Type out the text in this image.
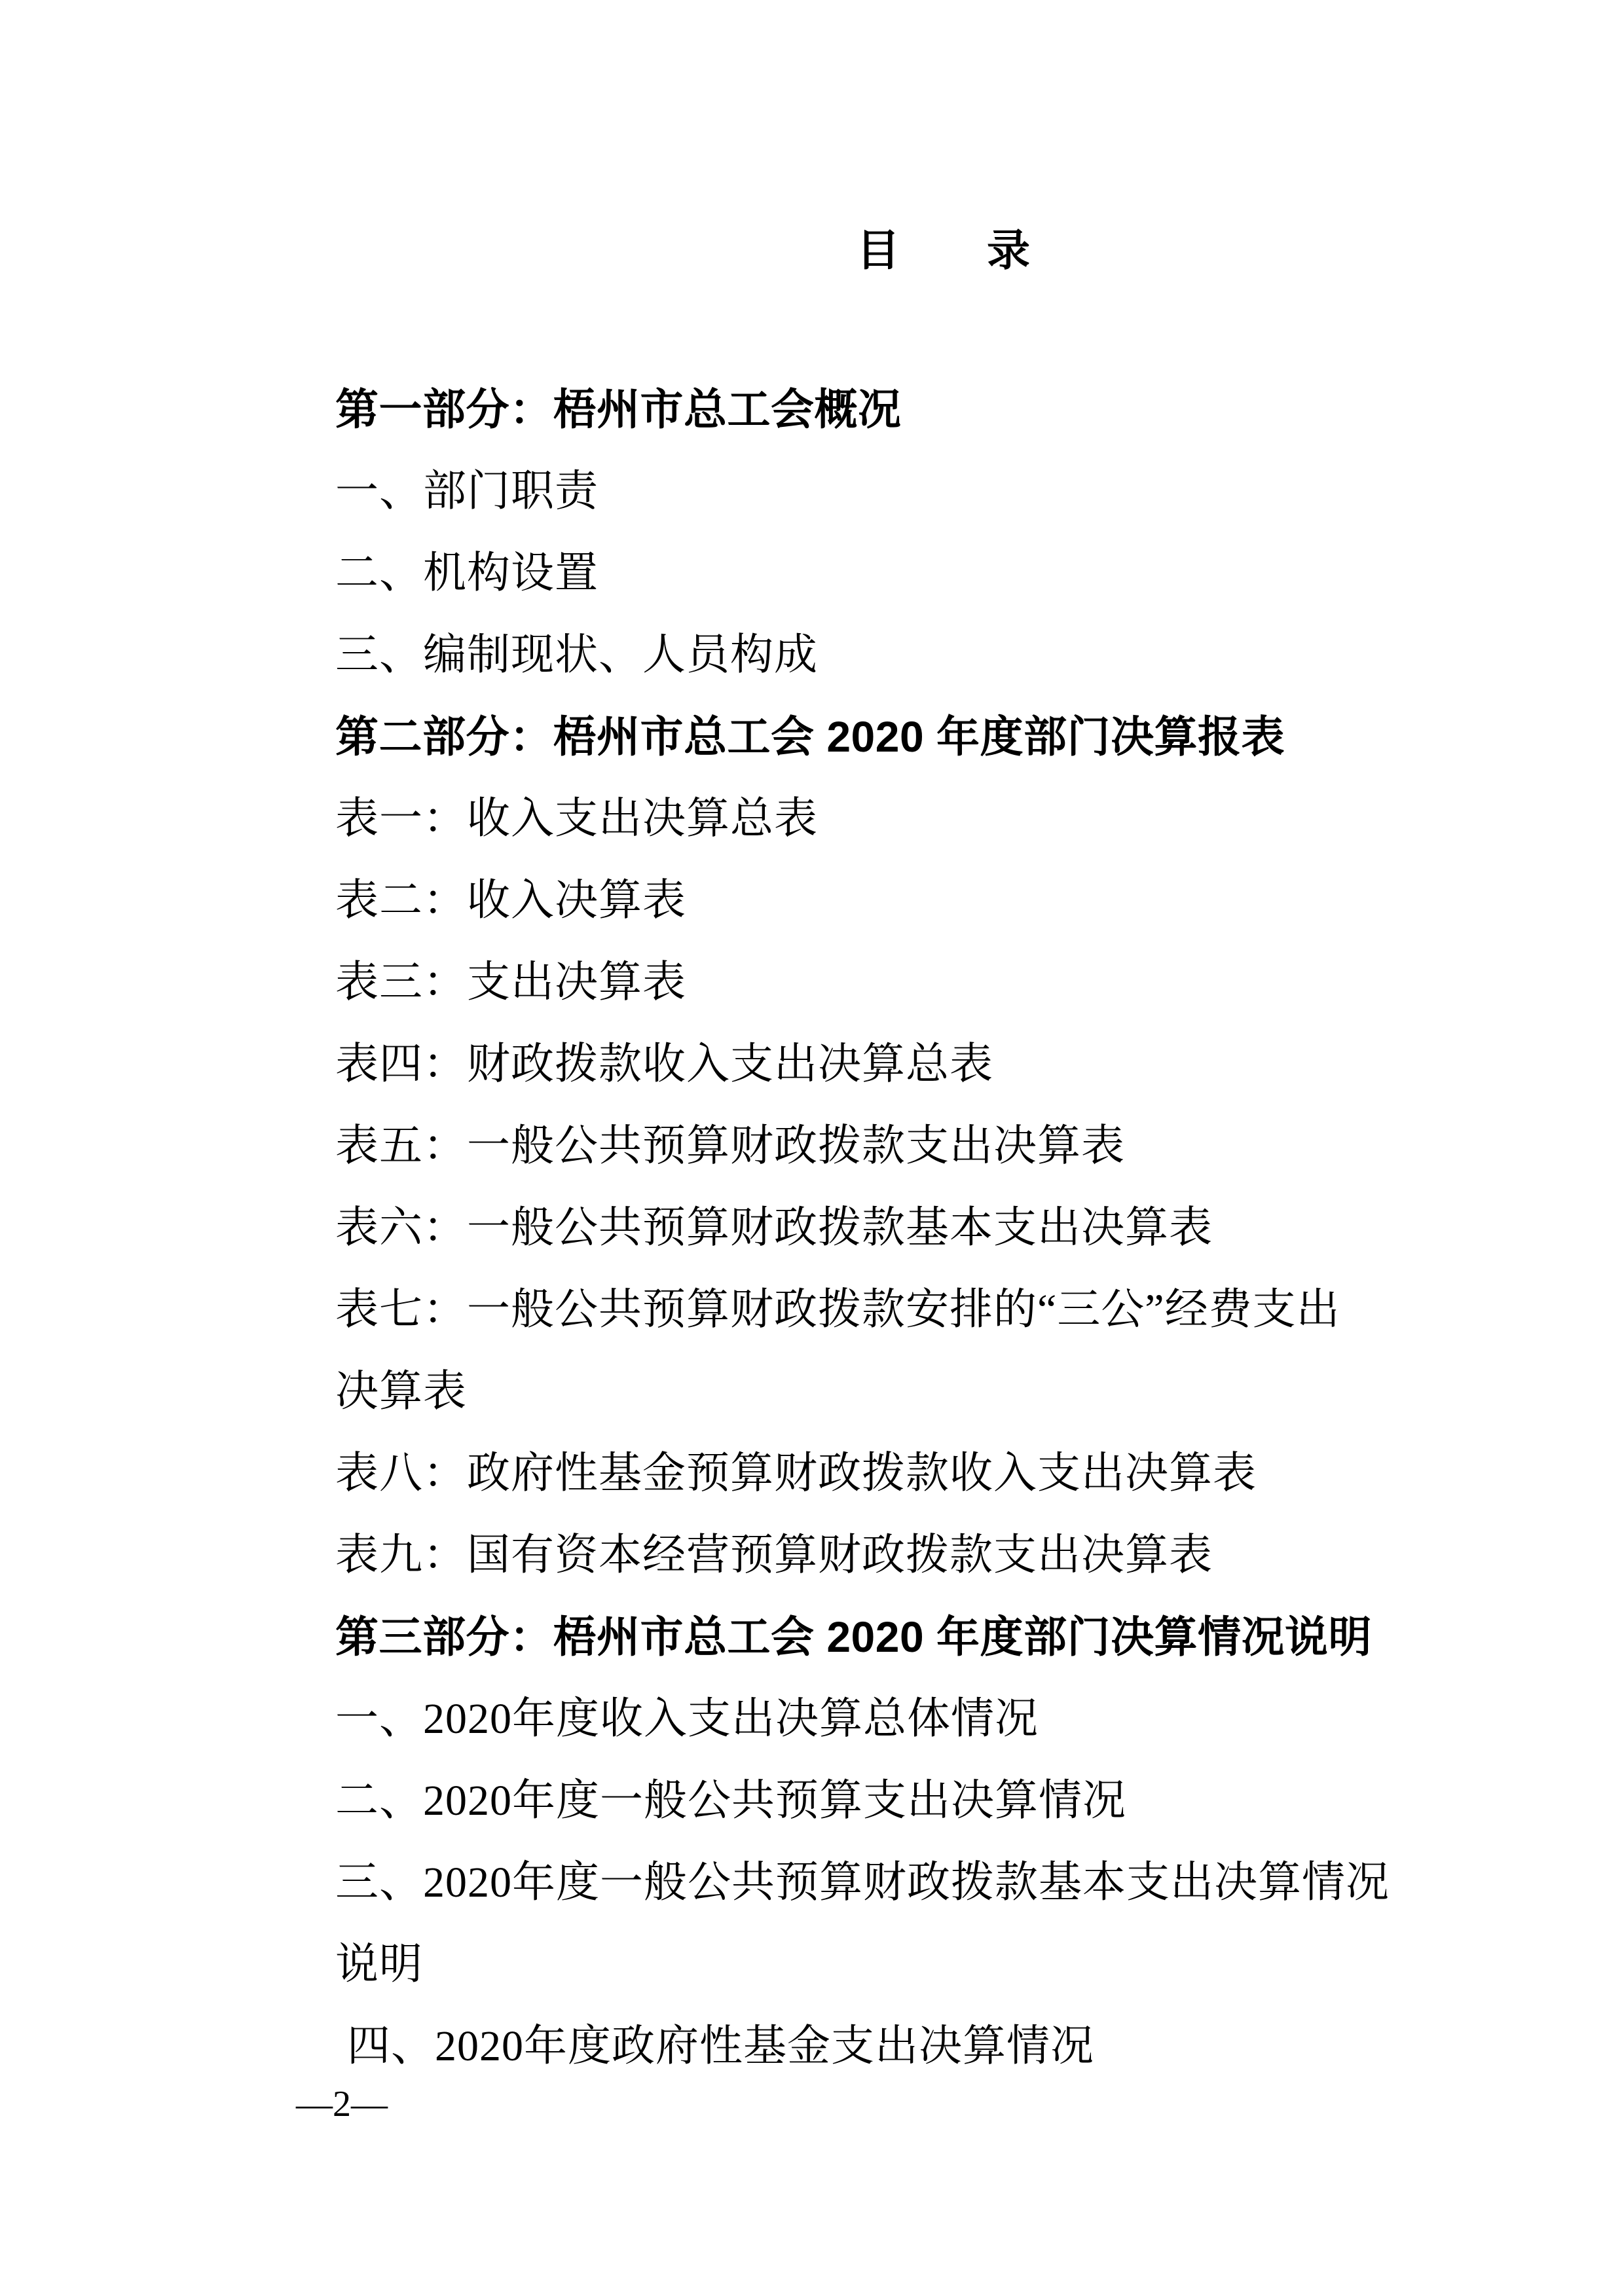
目 录
第一部分：梧州市总工会概况
一、部门职责
二、机构设置
三、编制现状、人员构成
第二部分：梧州市总工会 2020 年度部门决算报表
表一：收入支出决算总表
表二：收入决算表
表三：支出决算表
表四：财政拨款收入支出决算总表
表五：一般公共预算财政拨款支出决算表
表六：一般公共预算财政拨款基本支出决算表
表七：一般公共预算财政拨款安排的“三公”经费支出
决算表
表八：政府性基金预算财政拨款收入支出决算表
表九：国有资本经营预算财政拨款支出决算表
第三部分：梧州市总工会 2020 年度部门决算情况说明
一、2020年度收入支出决算总体情况
二、2020年度一般公共预算支出决算情况
三、2020年度一般公共预算财政拨款基本支出决算情况
说明
四、2020年度政府性基金支出决算情况
—2—
